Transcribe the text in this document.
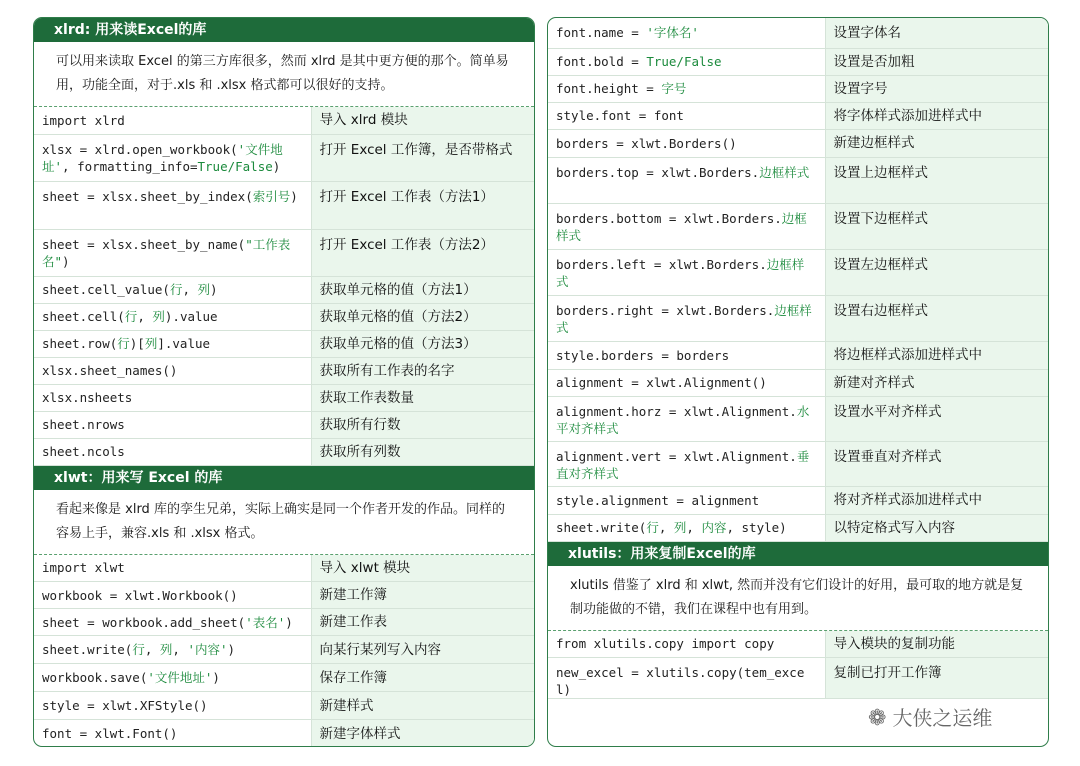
xlrd: 用来读Excel的库
可以用来读取 Excel 的第三方库很多，然而 xlrd 是其中更方便的那个。简单易用，功能全面，对于.xls 和 .xlsx 格式都可以很好的支持。
import xlrd	导入 xlrd 模块
xlsx = xlrd.open_workbook('文件地址', formatting_info=True/False)	打开 Excel 工作簿，是否带格式
sheet = xlsx.sheet_by_index(索引号)	打开 Excel 工作表（方法1）
sheet = xlsx.sheet_by_name("工作表名")	打开 Excel 工作表（方法2）
sheet.cell_value(行, 列)	获取单元格的值（方法1）
sheet.cell(行, 列).value	获取单元格的值（方法2）
sheet.row(行)[列].value	获取单元格的值（方法3）
xlsx.sheet_names()	获取所有工作表的名字
xlsx.nsheets	获取工作表数量
sheet.nrows	获取所有行数
sheet.ncols	获取所有列数
xlwt：用来写 Excel 的库
看起来像是 xlrd 库的孪生兄弟，实际上确实是同一个作者开发的作品。同样的容易上手，兼容.xls 和 .xlsx 格式。
import xlwt	导入 xlwt 模块
workbook = xlwt.Workbook()	新建工作簿
sheet = workbook.add_sheet('表名')	新建工作表
sheet.write(行, 列, '内容')	向某行某列写入内容
workbook.save('文件地址')	保存工作簿
style = xlwt.XFStyle()	新建样式
font = xlwt.Font()	新建字体样式
font.name = '字体名'	设置字体名
font.bold = True/False	设置是否加粗
font.height = 字号	设置字号
style.font = font	将字体样式添加进样式中
borders = xlwt.Borders()	新建边框样式
borders.top = xlwt.Borders.边框样式	设置上边框样式
borders.bottom = xlwt.Borders.边框样式	设置下边框样式
borders.left = xlwt.Borders.边框样式	设置左边框样式
borders.right = xlwt.Borders.边框样式	设置右边框样式
style.borders = borders	将边框样式添加进样式中
alignment = xlwt.Alignment()	新建对齐样式
alignment.horz = xlwt.Alignment.水平对齐样式	设置水平对齐样式
alignment.vert = xlwt.Alignment.垂直对齐样式	设置垂直对齐样式
style.alignment = alignment	将对齐样式添加进样式中
sheet.write(行, 列, 内容, style)	以特定格式写入内容
xlutils：用来复制Excel的库
xlutils 借鉴了 xlrd 和 xlwt, 然而并没有它们设计的好用，最可取的地方就是复制功能做的不错，我们在课程中也有用到。
from xlutils.copy import copy	导入模块的复制功能
new_excel = xlutils.copy(tem_excel)	复制已打开工作簿
❁ 大侠之运维
